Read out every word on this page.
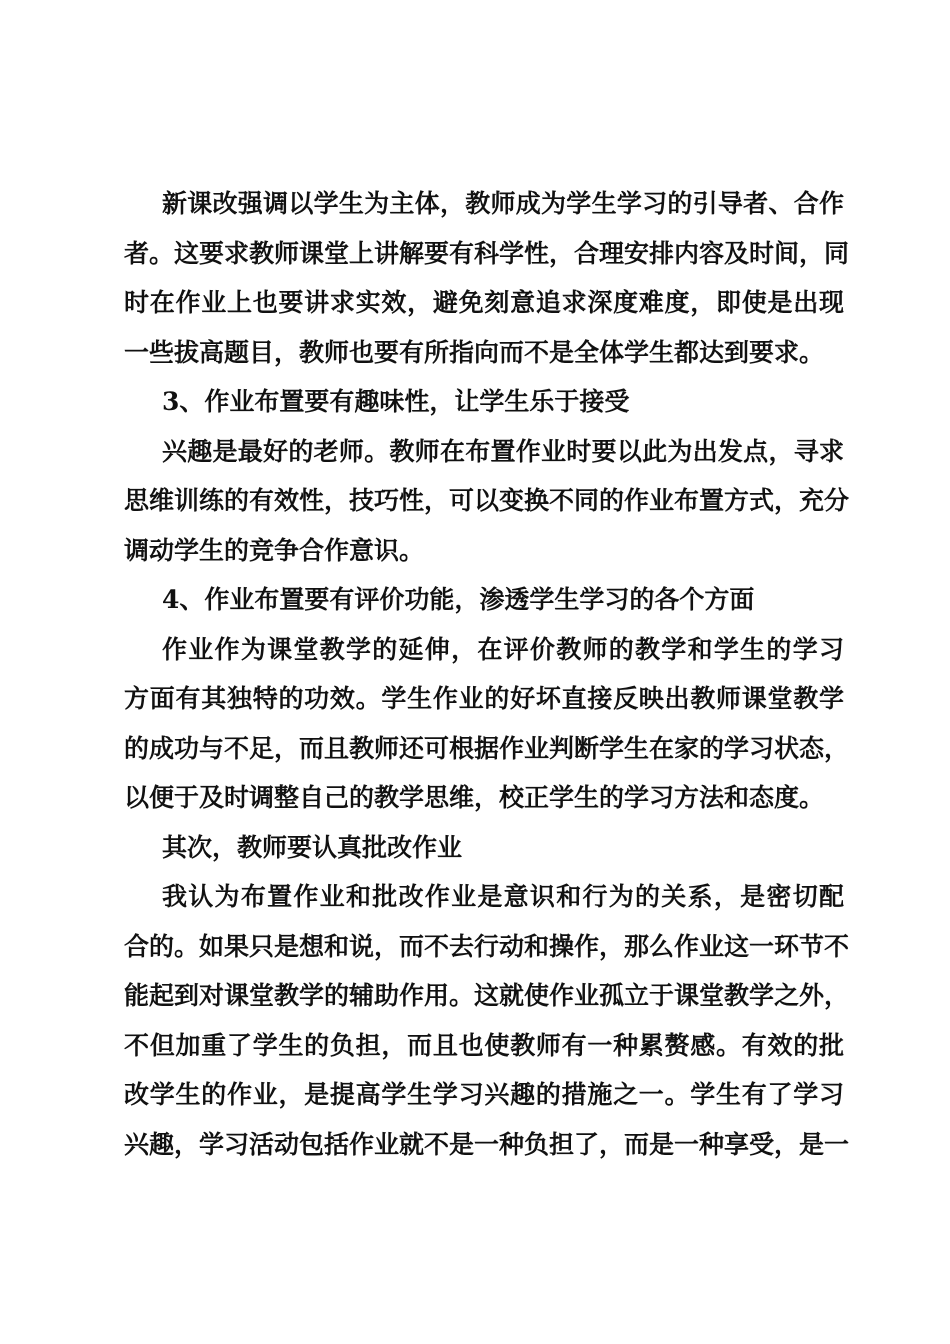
新课改强调以学生为主体，教师成为学生学习的引导者、合作
者。这要求教师课堂上讲解要有科学性，合理安排内容及时间，同
时在作业上也要讲求实效，避免刻意追求深度难度，即使是出现
一些拔高题目，教师也要有所指向而不是全体学生都达到要求。
3、作业布置要有趣味性，让学生乐于接受
兴趣是最好的老师。教师在布置作业时要以此为出发点，寻求
思维训练的有效性，技巧性，可以变换不同的作业布置方式，充分
调动学生的竞争合作意识。
4、作业布置要有评价功能，渗透学生学习的各个方面
作业作为课堂教学的延伸，在评价教师的教学和学生的学习
方面有其独特的功效。学生作业的好坏直接反映出教师课堂教学
的成功与不足，而且教师还可根据作业判断学生在家的学习状态，
以便于及时调整自己的教学思维，校正学生的学习方法和态度。
其次，教师要认真批改作业
我认为布置作业和批改作业是意识和行为的关系，是密切配
合的。如果只是想和说，而不去行动和操作，那么作业这一环节不
能起到对课堂教学的辅助作用。这就使作业孤立于课堂教学之外，
不但加重了学生的负担，而且也使教师有一种累赘感。有效的批
改学生的作业，是提高学生学习兴趣的措施之一。学生有了学习
兴趣，学习活动包括作业就不是一种负担了，而是一种享受，是一
